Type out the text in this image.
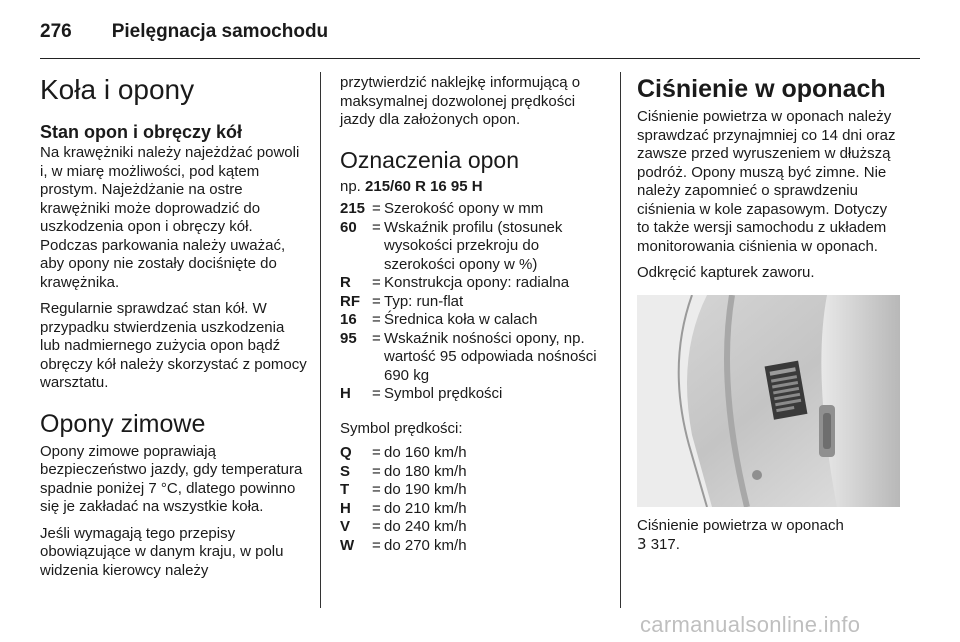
276 Pielęgnacja samochodu
Koła i opony
Stan opon i obręczy kół

Na krawężniki należy najeżdżać powoli i, w miarę możliwości, pod kątem prostym. Najeżdżanie na ostre krawężniki może doprowadzić do uszkodzenia opon i obręczy kół. Podczas parkowania należy uważać, aby opony nie zostały dociśnięte do krawężnika.

Regularnie sprawdzać stan kół. W przypadku stwierdzenia uszkodzenia lub nadmiernego zużycia opon bądź obręczy kół należy skorzystać z pomocy warsztatu.

Opony zimowe

Opony zimowe poprawiają bezpieczeństwo jazdy, gdy temperatura spadnie poniżej 7 °C, dlatego powinno się je zakładać na wszystkie koła.

Jeśli wymagają tego przepisy obowiązujące w danym kraju, w polu widzenia kierowcy należy

przytwierdzić naklejkę informującą o maksymalnej dozwolonej prędkości jazdy dla założonych opon.

Oznaczenia opon
np. 215/60 R 16 95 H
215 = Szerokość opony w mm
60	= Wskaźnik profilu (stosunek wysokości przekroju do szerokości opony w %)
R	= Konstrukcja opony: radialna
RF = Typ: run-flat
16	= Średnica koła w calach
95	= Wskaźnik nośności opony, np. wartość 95 odpowiada nośności 690 kg
H	= Symbol prędkości

Symbol prędkości:

Q	= do 160 km/h
S	= do 180 km/h
T	= do 190 km/h
H	= do 210 km/h
V	= do 240 km/h
W	= do 270 km/h
Ciśnienie w oponach

Ciśnienie powietrza w oponach należy sprawdzać przynajmniej co 14 dni oraz zawsze przed wyruszeniem w dłuższą podróż. Opony muszą być zimne. Nie należy zapomnieć o sprawdzeniu ciśnienia w kole zapasowym. Dotyczy to także wersji samochodu z układem monitorowania ciśnienia w oponach.

Odkręcić kapturek zaworu.

Ciśnienie powietrza w oponach
3 317.
carmanualsonline.info
